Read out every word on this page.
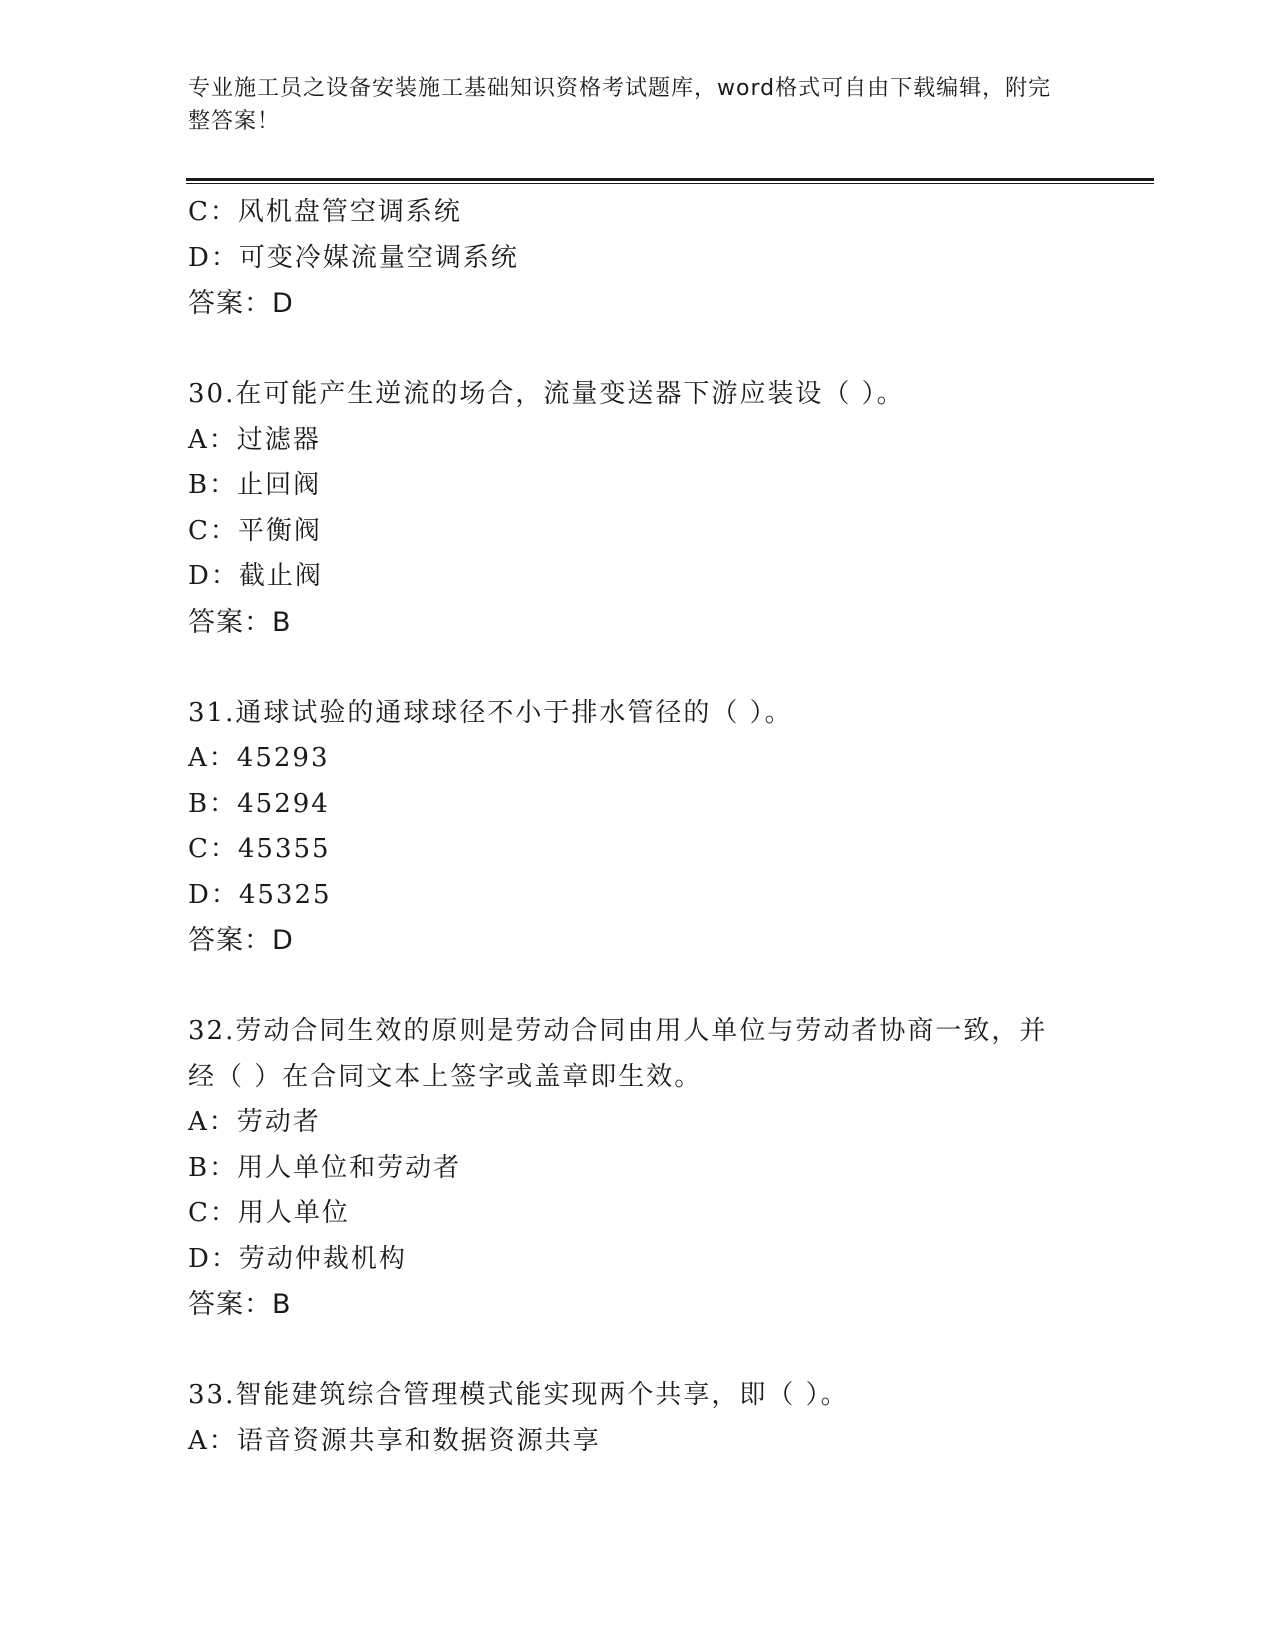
专业施工员之设备安装施工基础知识资格考试题库，word格式可自由下载编辑，附完整答案！
C：风机盘管空调系统
D：可变冷媒流量空调系统
答案：D
30.在可能产生逆流的场合，流量变送器下游应装设（ ）。
A：过滤器
B：止回阀
C：平衡阀
D：截止阀
答案：B
31.通球试验的通球球径不小于排水管径的（ ）。
A：45293
B：45294
C：45355
D：45325
答案：D
32.劳动合同生效的原则是劳动合同由用人单位与劳动者协商一致，并
经（ ）在合同文本上签字或盖章即生效。
A：劳动者
B：用人单位和劳动者
C：用人单位
D：劳动仲裁机构
答案：B
33.智能建筑综合管理模式能实现两个共享，即（ ）。
A：语音资源共享和数据资源共享
